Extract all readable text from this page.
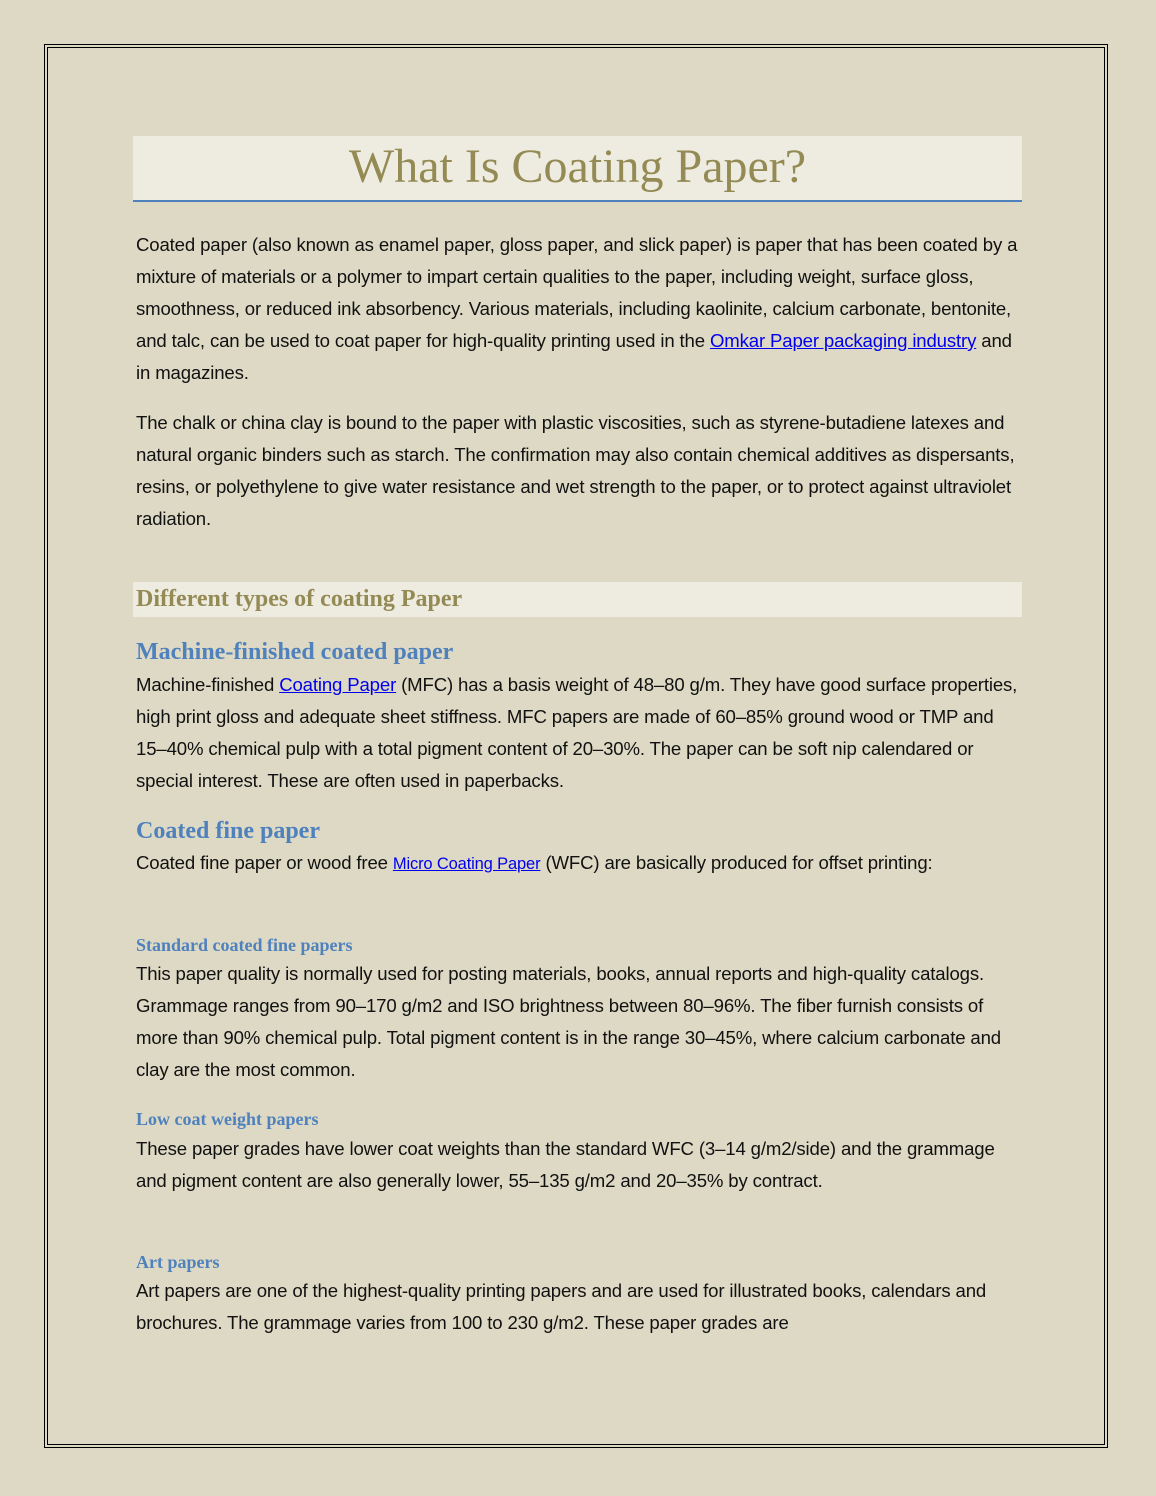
What Is Coating Paper?

Coated paper (also known as enamel paper, gloss paper, and slick paper) is paper that has been coated by a mixture of materials or a polymer to impart certain qualities to the paper, including weight, surface gloss, smoothness, or reduced ink absorbency. Various materials, including kaolinite, calcium carbonate, bentonite, and talc, can be used to coat paper for high-quality printing used in the Omkar Paper packaging industry and in magazines.

The chalk or china clay is bound to the paper with plastic viscosities, such as styrene-butadiene latexes and natural organic binders such as starch. The confirmation may also contain chemical additives as dispersants, resins, or polyethylene to give water resistance and wet strength to the paper, or to protect against ultraviolet radiation.

Different types of coating Paper
Machine-finished coated paper

Machine-finished Coating Paper (MFC) has a basis weight of 48–80 g/m. They have good surface properties, high print gloss and adequate sheet stiffness. MFC papers are made of 60–85% ground wood or TMP and 15–40% chemical pulp with a total pigment content of 20–30%. The paper can be soft nip calendared or special interest. These are often used in paperbacks.

Coated fine paper

Coated fine paper or wood free Micro Coating Paper (WFC) are basically produced for offset printing:

Standard coated fine papers

This paper quality is normally used for posting materials, books, annual reports and high-quality catalogs. Grammage ranges from 90–170 g/m2 and ISO brightness between 80–96%. The fiber furnish consists of more than 90% chemical pulp. Total pigment content is in the range 30–45%, where calcium carbonate and clay are the most common.

Low coat weight papers

These paper grades have lower coat weights than the standard WFC (3–14 g/m2/side) and the grammage and pigment content are also generally lower, 55–135 g/m2 and 20–35% by contract.

Art papers

Art papers are one of the highest-quality printing papers and are used for illustrated books, calendars and brochures. The grammage varies from 100 to 230 g/m2. These paper grades are
